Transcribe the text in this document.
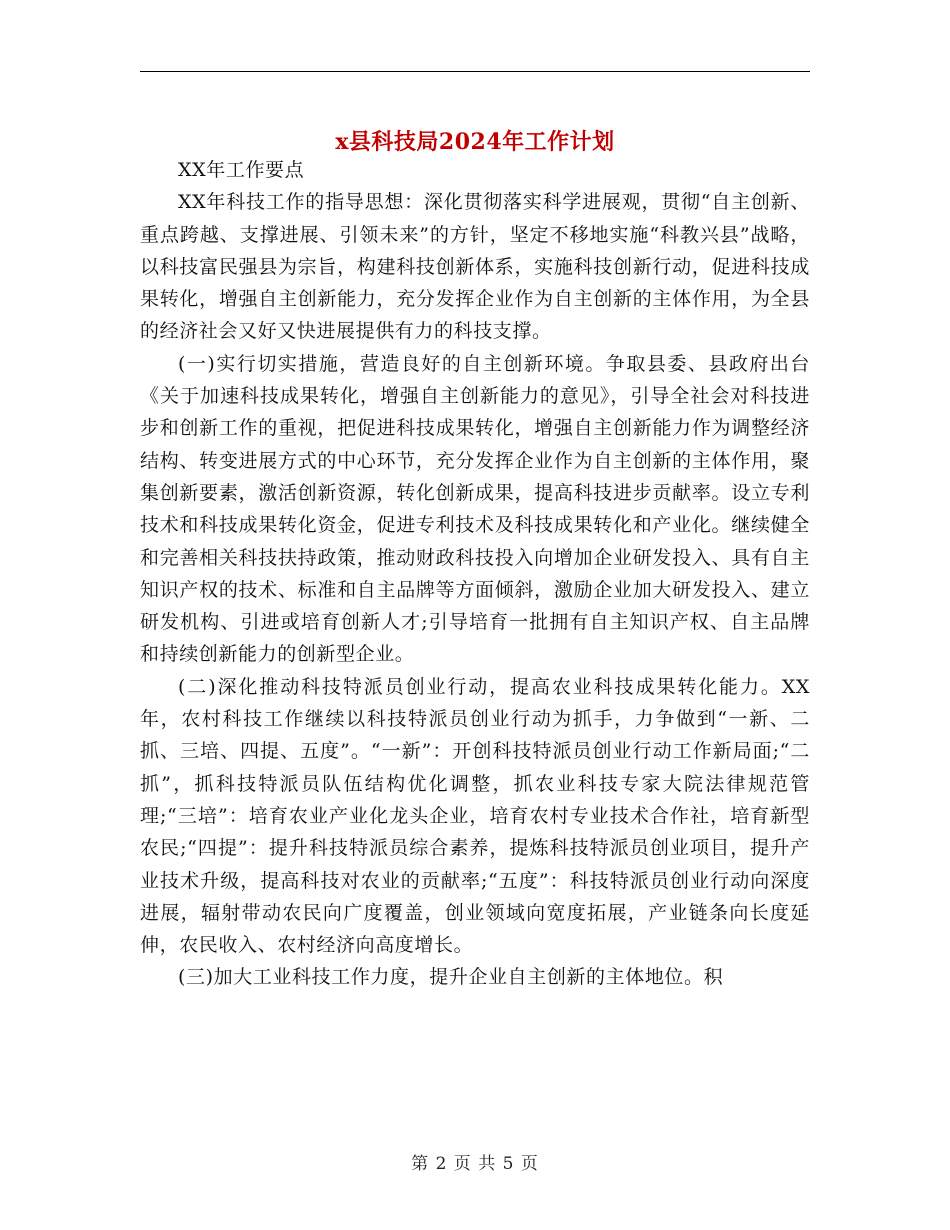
x县科技局2024年工作计划

XX年工作要点

XX年科技工作的指导思想：深化贯彻落实科学进展观，贯彻“自主创新、重点跨越、支撑进展、引领未来”的方针，坚定不移地实施“科教兴县”战略，以科技富民强县为宗旨，构建科技创新体系，实施科技创新行动，促进科技成果转化，增强自主创新能力，充分发挥企业作为自主创新的主体作用，为全县的经济社会又好又快进展提供有力的科技支撑。

(一)实行切实措施，营造良好的自主创新环境。争取县委、县政府出台《关于加速科技成果转化，增强自主创新能力的意见》，引导全社会对科技进步和创新工作的重视，把促进科技成果转化，增强自主创新能力作为调整经济结构、转变进展方式的中心环节，充分发挥企业作为自主创新的主体作用，聚集创新要素，激活创新资源，转化创新成果，提高科技进步贡献率。设立专利技术和科技成果转化资金，促进专利技术及科技成果转化和产业化。继续健全和完善相关科技扶持政策，推动财政科技投入向增加企业研发投入、具有自主知识产权的技术、标准和自主品牌等方面倾斜，激励企业加大研发投入、建立研发机构、引进或培育创新人才;引导培育一批拥有自主知识产权、自主品牌和持续创新能力的创新型企业。

(二)深化推动科技特派员创业行动，提高农业科技成果转化能力。XX年，农村科技工作继续以科技特派员创业行动为抓手，力争做到“一新、二抓、三培、四提、五度”。“一新”：开创科技特派员创业行动工作新局面;“二抓”，抓科技特派员队伍结构优化调整，抓农业科技专家大院法律规范管理;“三培”：培育农业产业化龙头企业，培育农村专业技术合作社，培育新型农民;“四提”：提升科技特派员综合素养，提炼科技特派员创业项目，提升产业技术升级，提高科技对农业的贡献率;“五度”：科技特派员创业行动向深度进展，辐射带动农民向广度覆盖，创业领域向宽度拓展，产业链条向长度延伸，农民收入、农村经济向高度增长。

(三)加大工业科技工作力度，提升企业自主创新的主体地位。积

第 2 页 共 5 页
